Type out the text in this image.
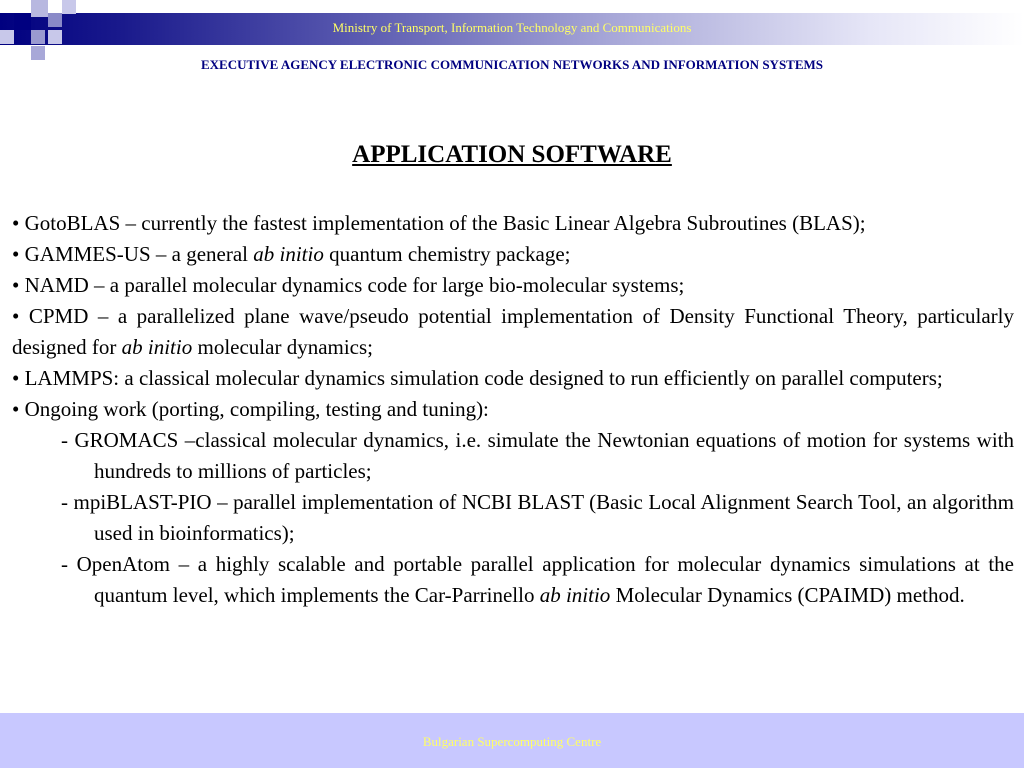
Ministry of Transport, Information Technology and Communications
EXECUTIVE AGENCY ELECTRONIC COMMUNICATION NETWORKS AND INFORMATION SYSTEMS
APPLICATION SOFTWARE

• GotoBLAS – currently the fastest implementation of the Basic Linear Algebra Subroutines (BLAS);

• GAMMES-US – a general ab initio quantum chemistry package;

• NAMD – a parallel molecular dynamics code for large bio-molecular systems;

• CPMD – a parallelized plane wave/pseudo potential implementation of Density Functional Theory, particularly designed for ab initio molecular dynamics;

• LAMMPS: a classical molecular dynamics simulation code designed to run efficiently on parallel computers;

• Ongoing work (porting, compiling, testing and tuning):

- GROMACS –classical molecular dynamics, i.e. simulate the Newtonian equations of motion for systems with hundreds to millions of particles;

- mpiBLAST-PIO – parallel implementation of NCBI BLAST (Basic Local Alignment Search Tool, an algorithm used in bioinformatics);

- OpenAtom – a highly scalable and portable parallel application for molecular dynamics simulations at the quantum level, which implements the Car-Parrinello ab initio Molecular Dynamics (CPAIMD) method.

Bulgarian Supercomputing Centre
